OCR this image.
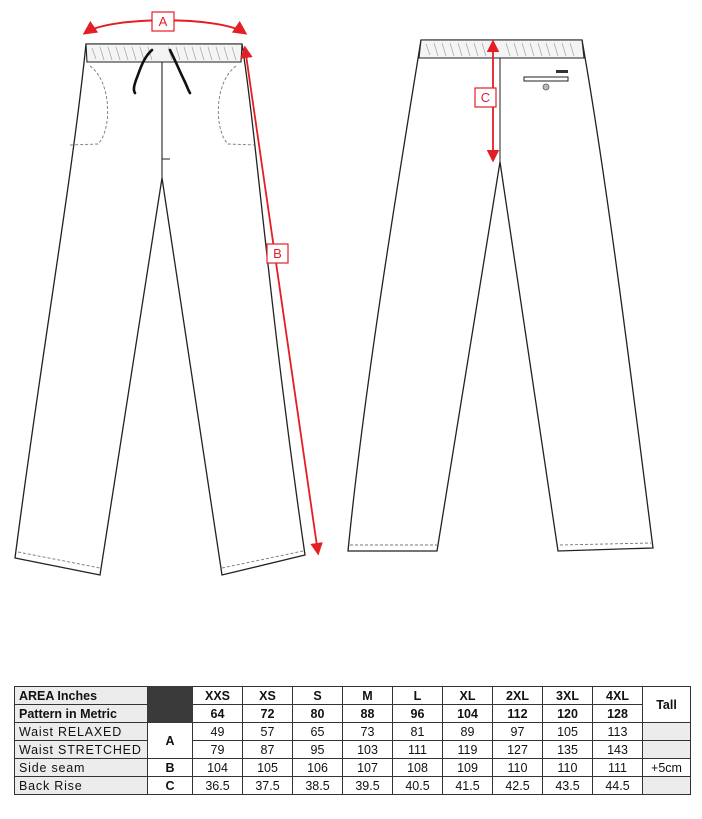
A
B
C
AREA Inches		XXS	XS	S	M	L	XL	2XL	3XL	4XL	Tall
Pattern in Metric		64	72	80	88	96	104	112	120	128	
Waist RELAXED	A	49	57	65	73	81	89	97	105	113	
Waist STRETCHED		79	87	95	103	111	119	127	135	143	
Side seam	B	104	105	106	107	108	109	110	110	111	+5cm
Back Rise	C	36.5	37.5	38.5	39.5	40.5	41.5	42.5	43.5	44.5	
